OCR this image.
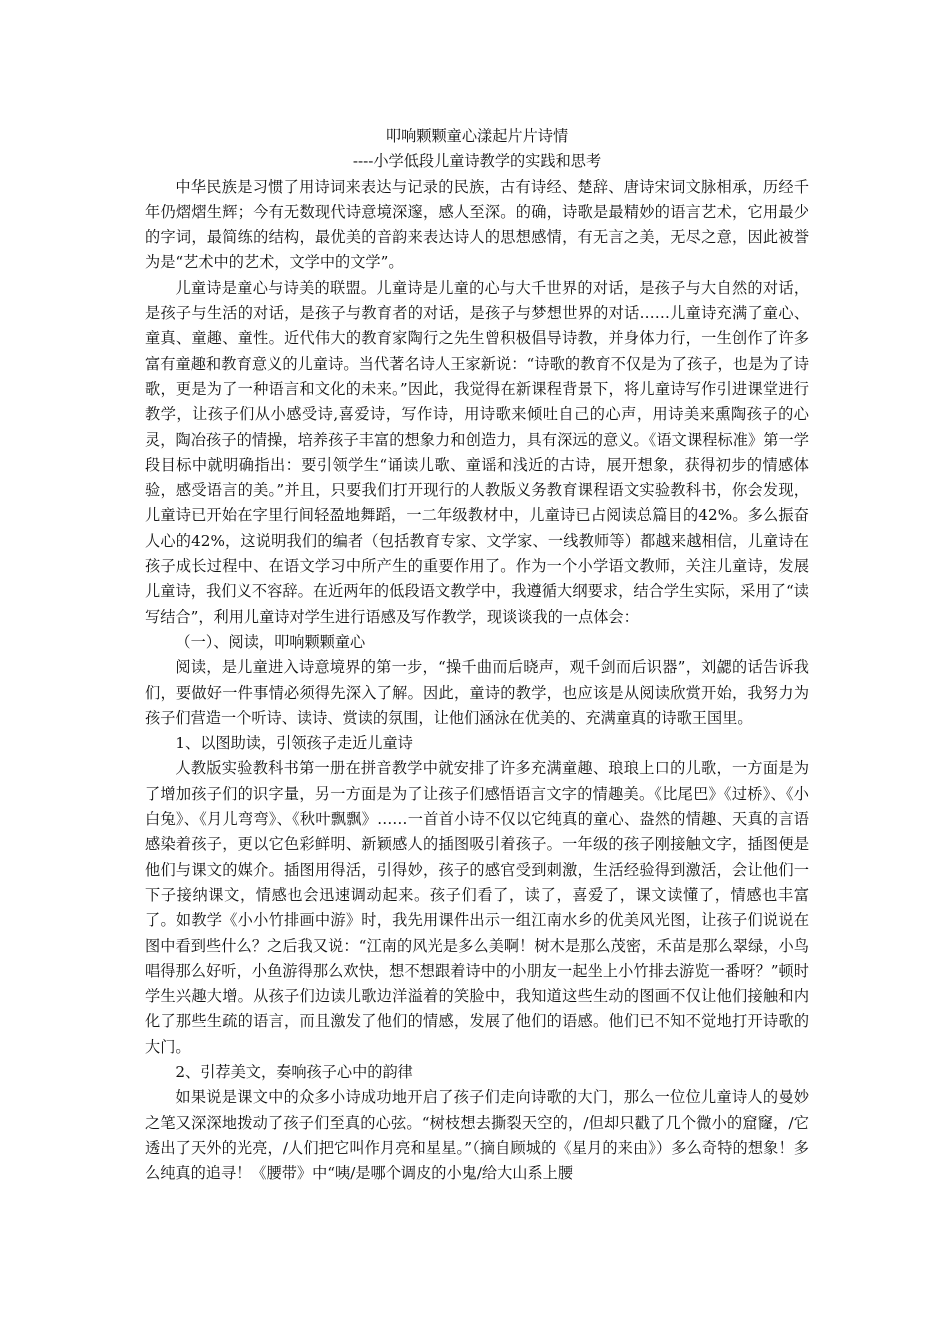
叩响颗颗童心漾起片片诗情

----小学低段儿童诗教学的实践和思考

中华民族是习惯了用诗词来表达与记录的民族，古有诗经、楚辞、唐诗宋词文脉相承，历经千年仍熠熠生辉；今有无数现代诗意境深邃，感人至深。的确，诗歌是最精妙的语言艺术，它用最少的字词，最简练的结构，最优美的音韵来表达诗人的思想感情，有无言之美，无尽之意，因此被誉为是“艺术中的艺术，文学中的文学”。

儿童诗是童心与诗美的联盟。儿童诗是儿童的心与大千世界的对话，是孩子与大自然的对话，是孩子与生活的对话，是孩子与教育者的对话，是孩子与梦想世界的对话……儿童诗充满了童心、童真、童趣、童性。近代伟大的教育家陶行之先生曾积极倡导诗教，并身体力行，一生创作了许多富有童趣和教育意义的儿童诗。当代著名诗人王家新说：“诗歌的教育不仅是为了孩子，也是为了诗歌，更是为了一种语言和文化的未来。”因此，我觉得在新课程背景下，将儿童诗写作引进课堂进行教学，让孩子们从小感受诗,喜爱诗，写作诗，用诗歌来倾吐自己的心声，用诗美来熏陶孩子的心灵，陶冶孩子的情操，培养孩子丰富的想象力和创造力，具有深远的意义。《语文课程标准》第一学段目标中就明确指出：要引领学生“诵读儿歌、童谣和浅近的古诗，展开想象，获得初步的情感体验，感受语言的美。”并且，只要我们打开现行的人教版义务教育课程语文实验教科书，你会发现，儿童诗已开始在字里行间轻盈地舞蹈，一二年级教材中，儿童诗已占阅读总篇目的42%。多么振奋人心的42%，这说明我们的编者（包括教育专家、文学家、一线教师等）都越来越相信，儿童诗在孩子成长过程中、在语文学习中所产生的重要作用了。作为一个小学语文教师，关注儿童诗，发展儿童诗，我们义不容辞。在近两年的低段语文教学中，我遵循大纲要求，结合学生实际，采用了“读写结合”，利用儿童诗对学生进行语感及写作教学，现谈谈我的一点体会：

（一）、阅读，叩响颗颗童心

阅读，是儿童进入诗意境界的第一步，“操千曲而后晓声，观千剑而后识器”，刘勰的话告诉我们，要做好一件事情必须得先深入了解。因此，童诗的教学，也应该是从阅读欣赏开始，我努力为孩子们营造一个听诗、读诗、赏读的氛围，让他们涵泳在优美的、充满童真的诗歌王国里。

1、以图助读，引领孩子走近儿童诗

人教版实验教科书第一册在拼音教学中就安排了许多充满童趣、琅琅上口的儿歌，一方面是为了增加孩子们的识字量，另一方面是为了让孩子们感悟语言文字的情趣美。《比尾巴》《过桥》、《小白兔》、《月儿弯弯》、《秋叶飘飘》……一首首小诗不仅以它纯真的童心、盎然的情趣、天真的言语感染着孩子，更以它色彩鲜明、新颖感人的插图吸引着孩子。一年级的孩子刚接触文字，插图便是他们与课文的媒介。插图用得活，引得妙，孩子的感官受到刺激，生活经验得到激活，会让他们一下子接纳课文，情感也会迅速调动起来。孩子们看了，读了，喜爱了，课文读懂了，情感也丰富了。如教学《小小竹排画中游》时，我先用课件出示一组江南水乡的优美风光图，让孩子们说说在图中看到些什么？之后我又说：“江南的风光是多么美啊！树木是那么茂密，禾苗是那么翠绿，小鸟唱得那么好听，小鱼游得那么欢快，想不想跟着诗中的小朋友一起坐上小竹排去游览一番呀？”顿时学生兴趣大增。从孩子们边读儿歌边洋溢着的笑脸中，我知道这些生动的图画不仅让他们接触和内化了那些生疏的语言，而且激发了他们的情感，发展了他们的语感。他们已不知不觉地打开诗歌的大门。

2、引荐美文，奏响孩子心中的韵律

如果说是课文中的众多小诗成功地开启了孩子们走向诗歌的大门，那么一位位儿童诗人的曼妙之笔又深深地拨动了孩子们至真的心弦。“树枝想去撕裂天空的，/但却只戳了几个微小的窟窿，/它透出了天外的光亮，/人们把它叫作月亮和星星。”（摘自顾城的《星月的来由》）多么奇特的想象！多么纯真的追寻！《腰带》中“咦/是哪个调皮的小鬼/给大山系上腰
